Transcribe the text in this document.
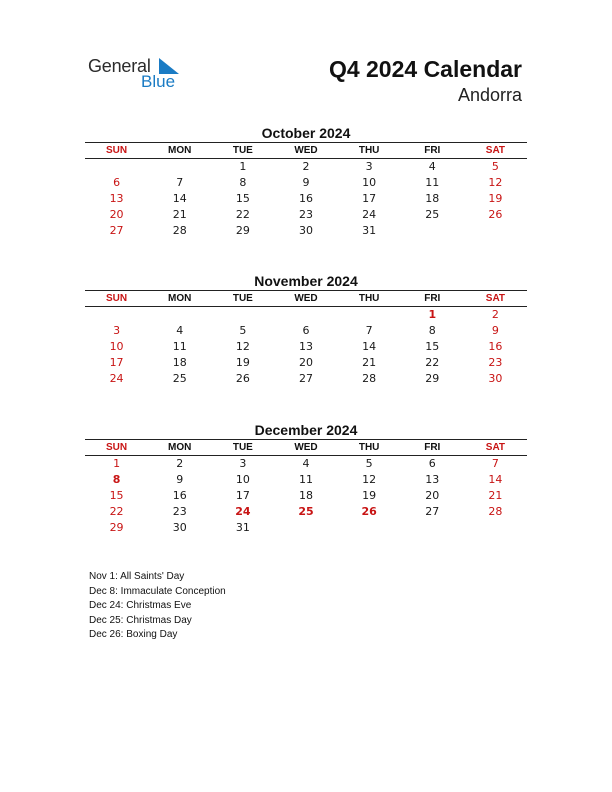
General
Blue	Q4 2024 Calendar
Andorra
October 2024
SUN	MON	TUE	WED	THU	FRI	SAT
		1	2	3	4	5
6	7	8	9	10	11	12
13	14	15	16	17	18	19
20	21	22	23	24	25	26
27	28	29	30	31		
November 2024
SUN	MON	TUE	WED	THU	FRI	SAT
					1	2
3	4	5	6	7	8	9
10	11	12	13	14	15	16
17	18	19	20	21	22	23
24	25	26	27	28	29	30
December 2024
SUN	MON	TUE	WED	THU	FRI	SAT
1	2	3	4	5	6	7
8	9	10	11	12	13	14
15	16	17	18	19	20	21
22	23	24	25	26	27	28
29	30	31				
Nov 1: All Saints' Day
Dec 8: Immaculate Conception
Dec 24: Christmas Eve
Dec 25: Christmas Day
Dec 26: Boxing Day
